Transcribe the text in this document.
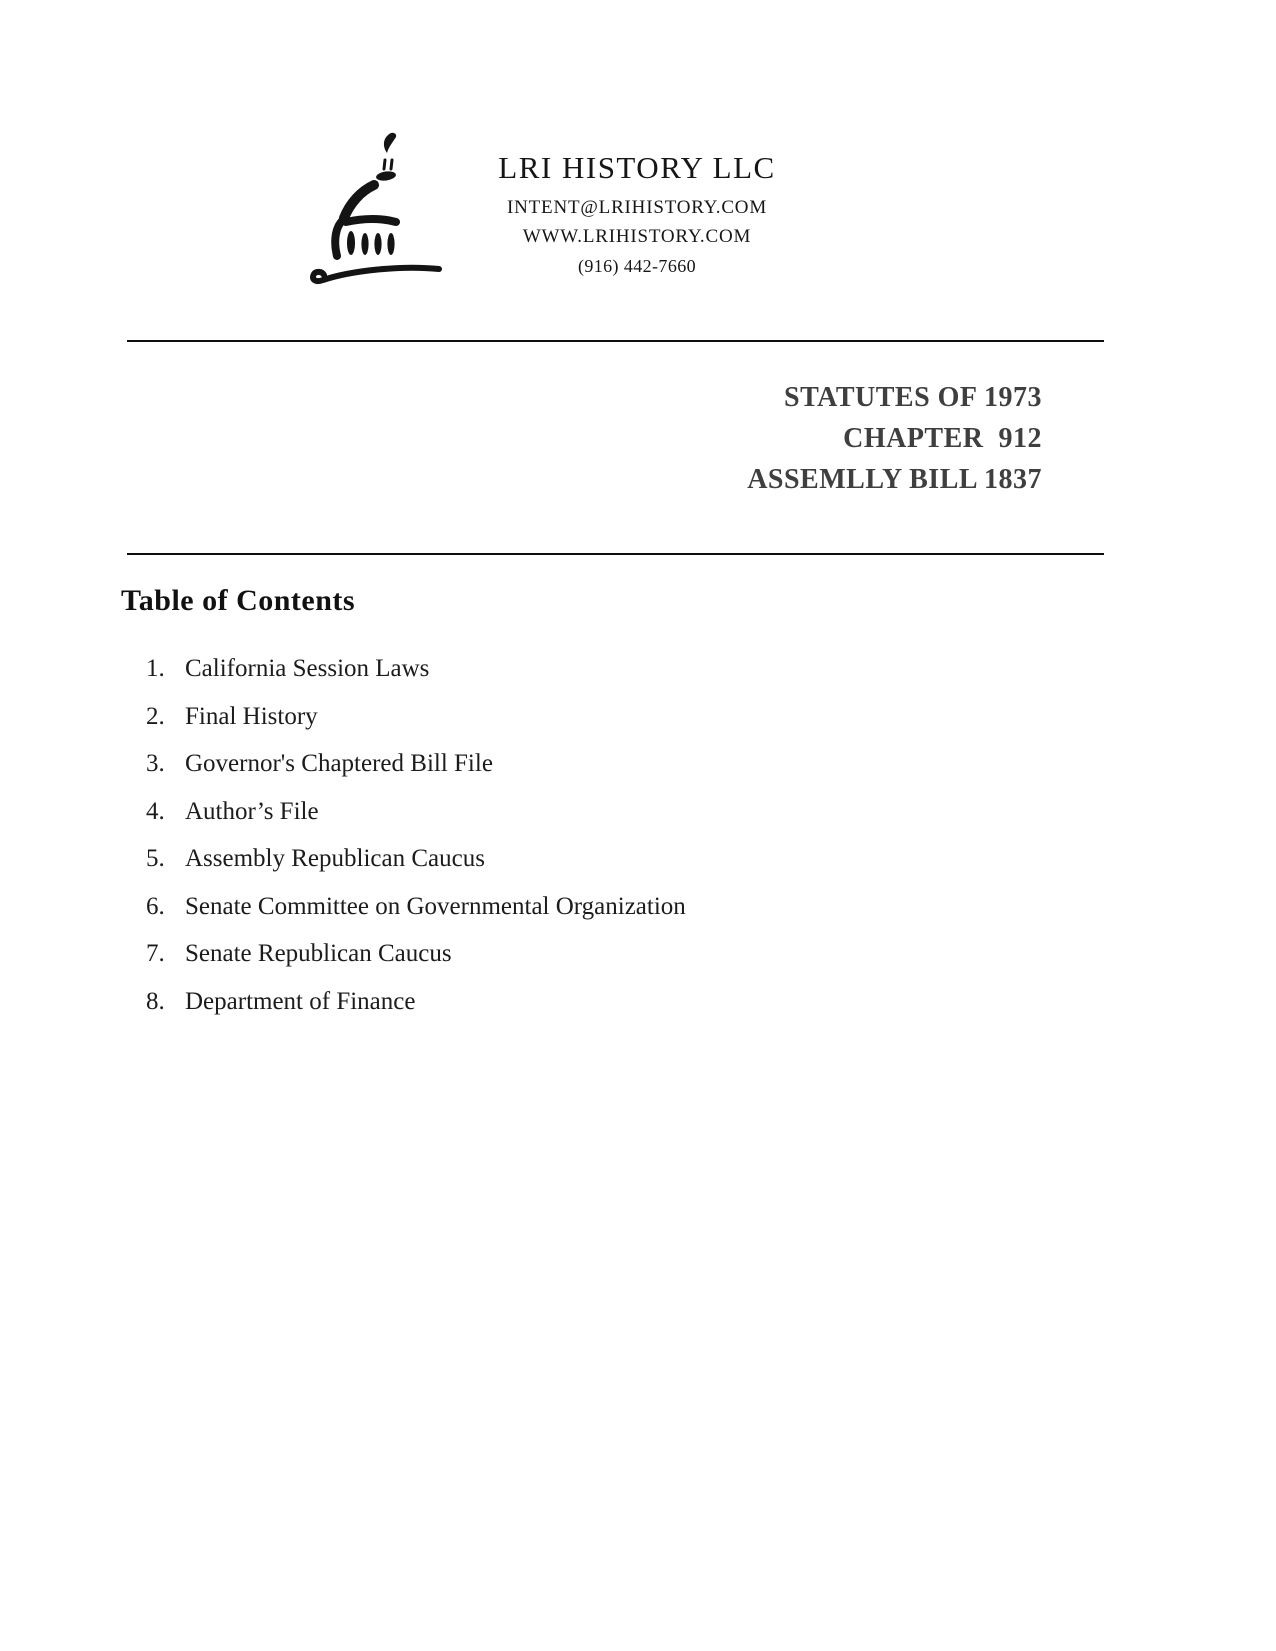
LRI HISTORY LLC
INTENT@LRIHISTORY.COM
WWW.LRIHISTORY.COM
(916) 442-7660
STATUTES OF 1973
CHAPTER  912
ASSEMLLY BILL 1837
Table of Contents
1. California Session Laws
2. Final History
3. Governor's Chaptered Bill File
4. Author’s File
5. Assembly Republican Caucus
6. Senate Committee on Governmental Organization
7. Senate Republican Caucus
8. Department of Finance
